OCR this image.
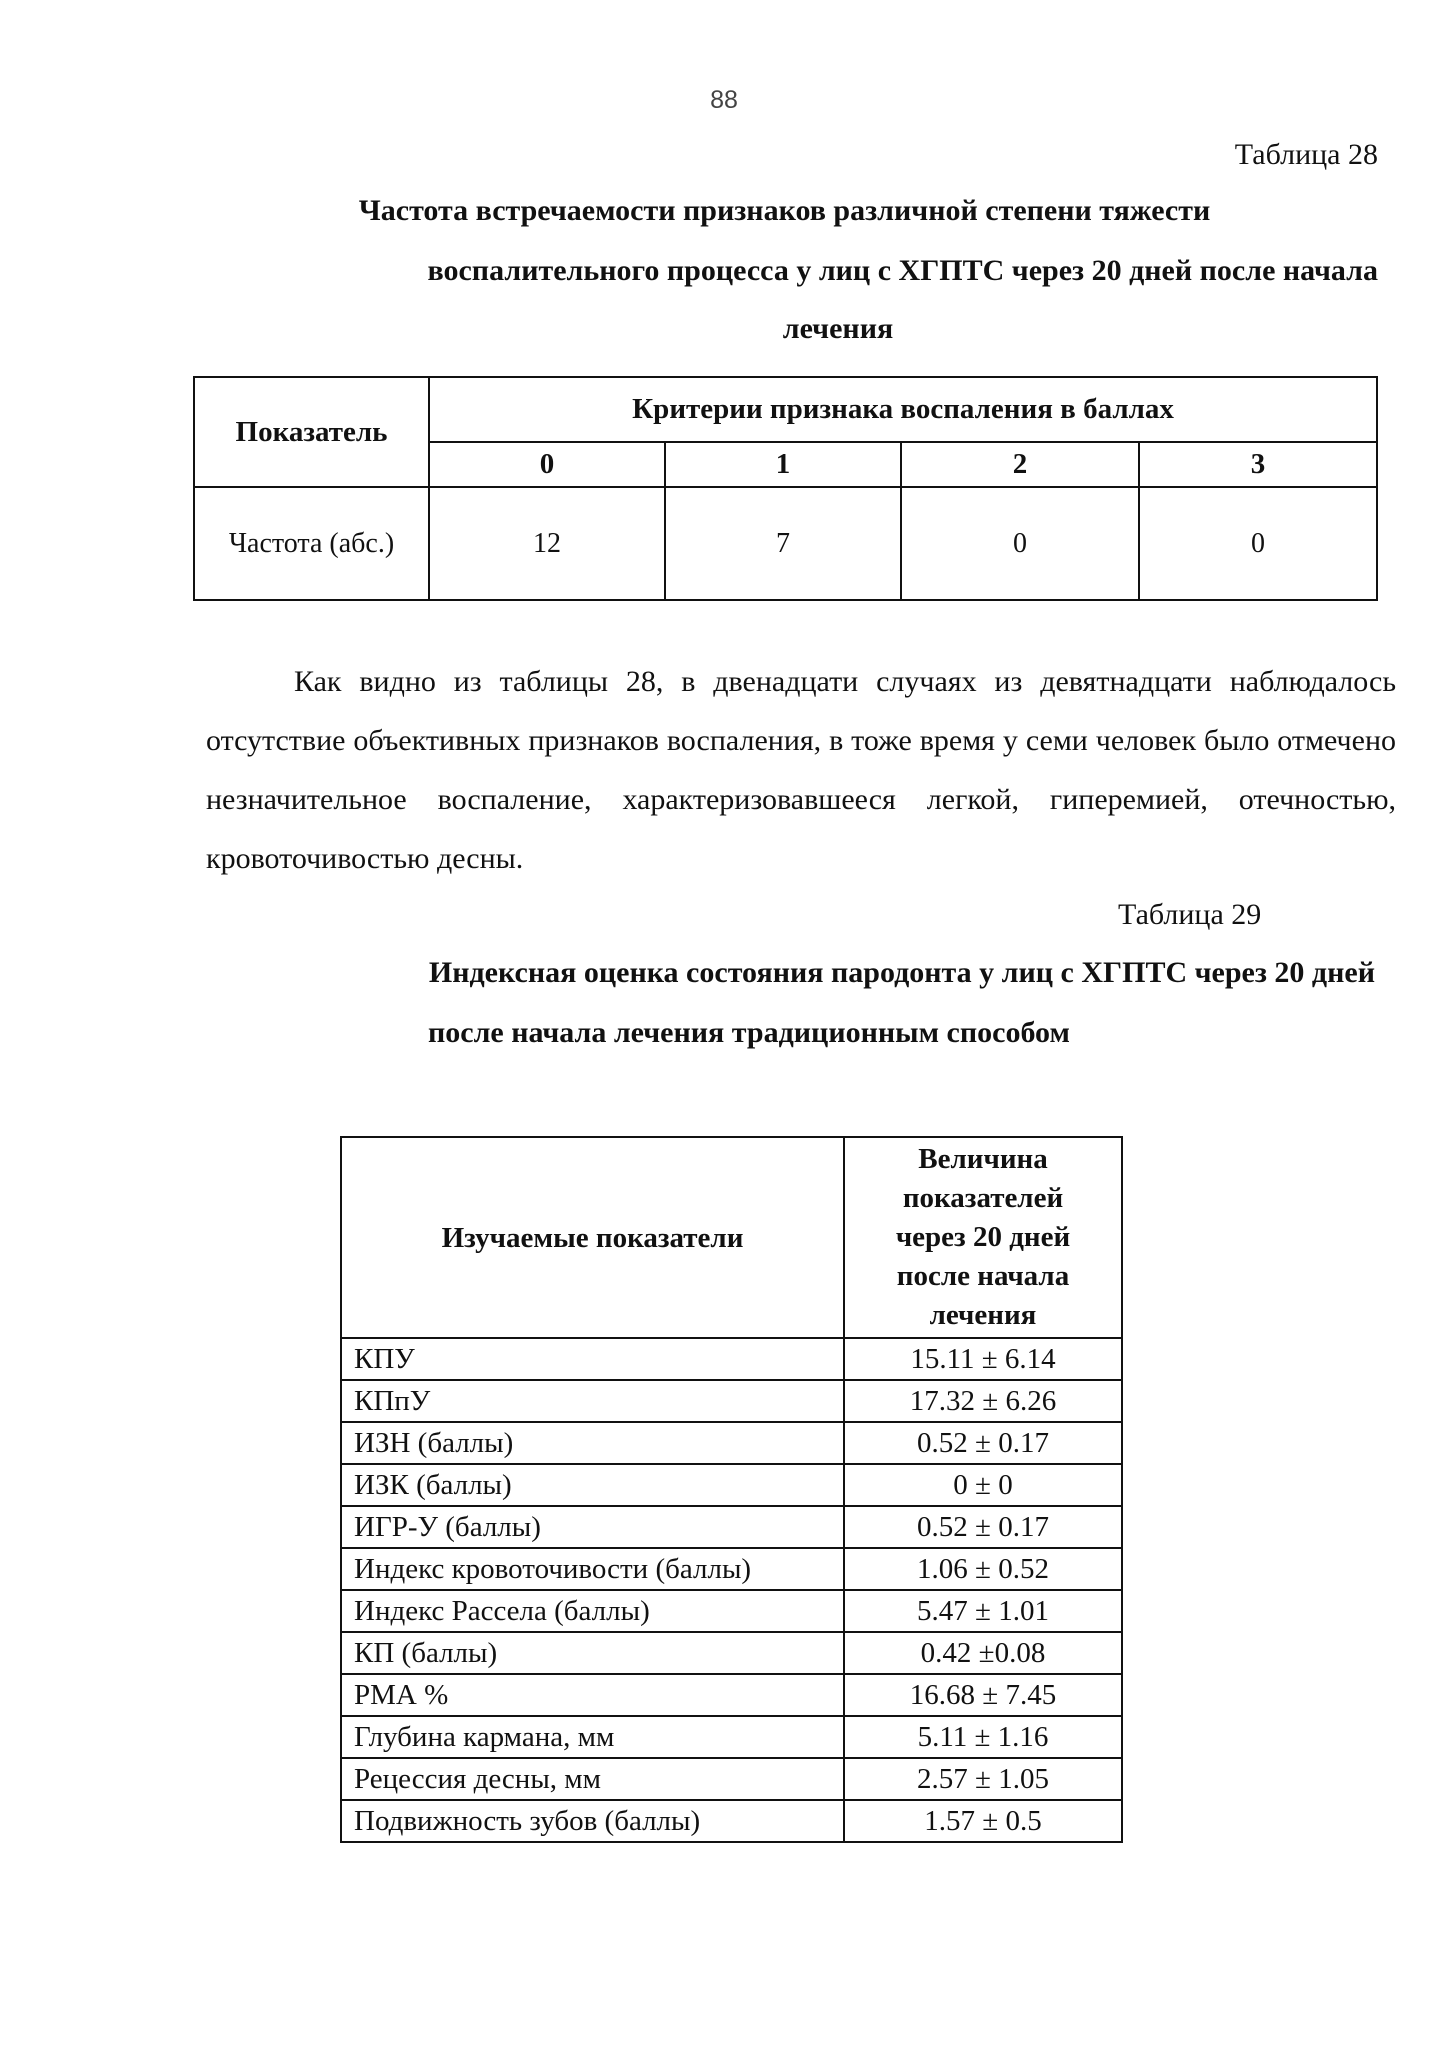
88
Таблица 28
Частота встречаемости признаков различной степени тяжести
воспалительного процесса у лиц с ХГПТС через 20 дней после начала
лечения
Показатель	Критерии признака воспаления в баллах			
	0	1	2	3
Частота (абс.)	12	7	0	0
Как видно из таблицы 28, в двенадцати случаях из девятнадцати наблюдалось отсутствие объективных признаков воспаления, в тоже время у семи человек было отмечено незначительное воспаление, характеризовавшееся легкой, гиперемией, отечностью, кровоточивостью десны.
Таблица 29
Индексная оценка состояния пародонта у лиц с ХГПТС через 20 дней
после начала лечения традиционным способом
Изучаемые показатели	Величина
показателей
через 20 дней
после начала
лечения

КПУ	15.11 ± 6.14
КПпУ	17.32 ± 6.26
ИЗН (баллы)	0.52 ± 0.17
ИЗК (баллы)	0 ± 0
ИГР-У (баллы)	0.52 ± 0.17
Индекс кровоточивости (баллы)	1.06 ± 0.52
Индекс Рассела (баллы)	5.47 ± 1.01
КП (баллы)	0.42 ±0.08
РМА %	16.68 ± 7.45
Глубина кармана, мм	5.11 ± 1.16
Рецессия десны, мм	2.57 ± 1.05
Подвижность зубов (баллы)	1.57 ± 0.5
